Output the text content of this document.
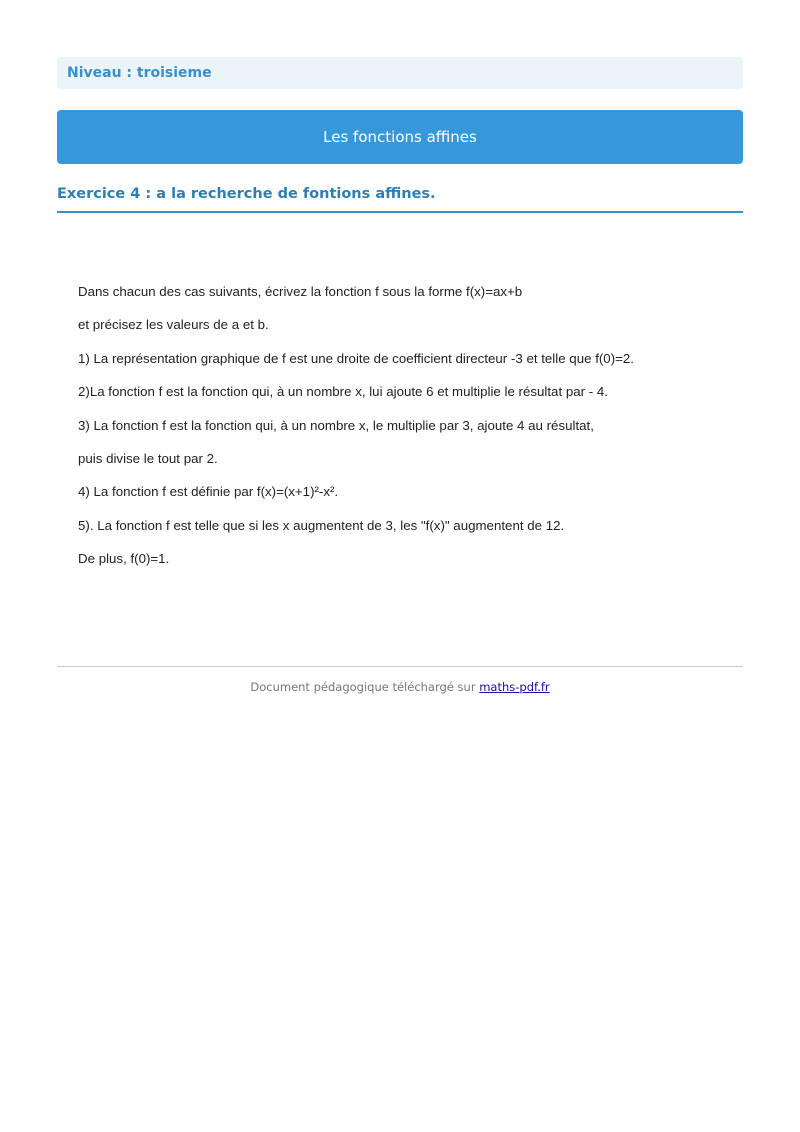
Niveau : troisieme
Les fonctions affines
Exercice 4 : a la recherche de fontions affines.
Dans chacun des cas suivants, écrivez la fonction f sous la forme f(x)=ax+b
et précisez les valeurs de a et b.
1) La représentation graphique de f est une droite de coefficient directeur -3 et telle que f(0)=2.
2)La fonction f est la fonction qui, à un nombre x, lui ajoute 6 et multiplie le résultat par - 4.
3) La fonction f est la fonction qui, à un nombre x, le multiplie par 3, ajoute 4 au résultat,
puis divise le tout par 2.
4) La fonction f est définie par f(x)=(x+1)²-x².
5). La fonction f est telle que si les x augmentent de 3, les "f(x)" augmentent de 12.
De plus, f(0)=1.
Document pédagogique téléchargé sur maths-pdf.fr
